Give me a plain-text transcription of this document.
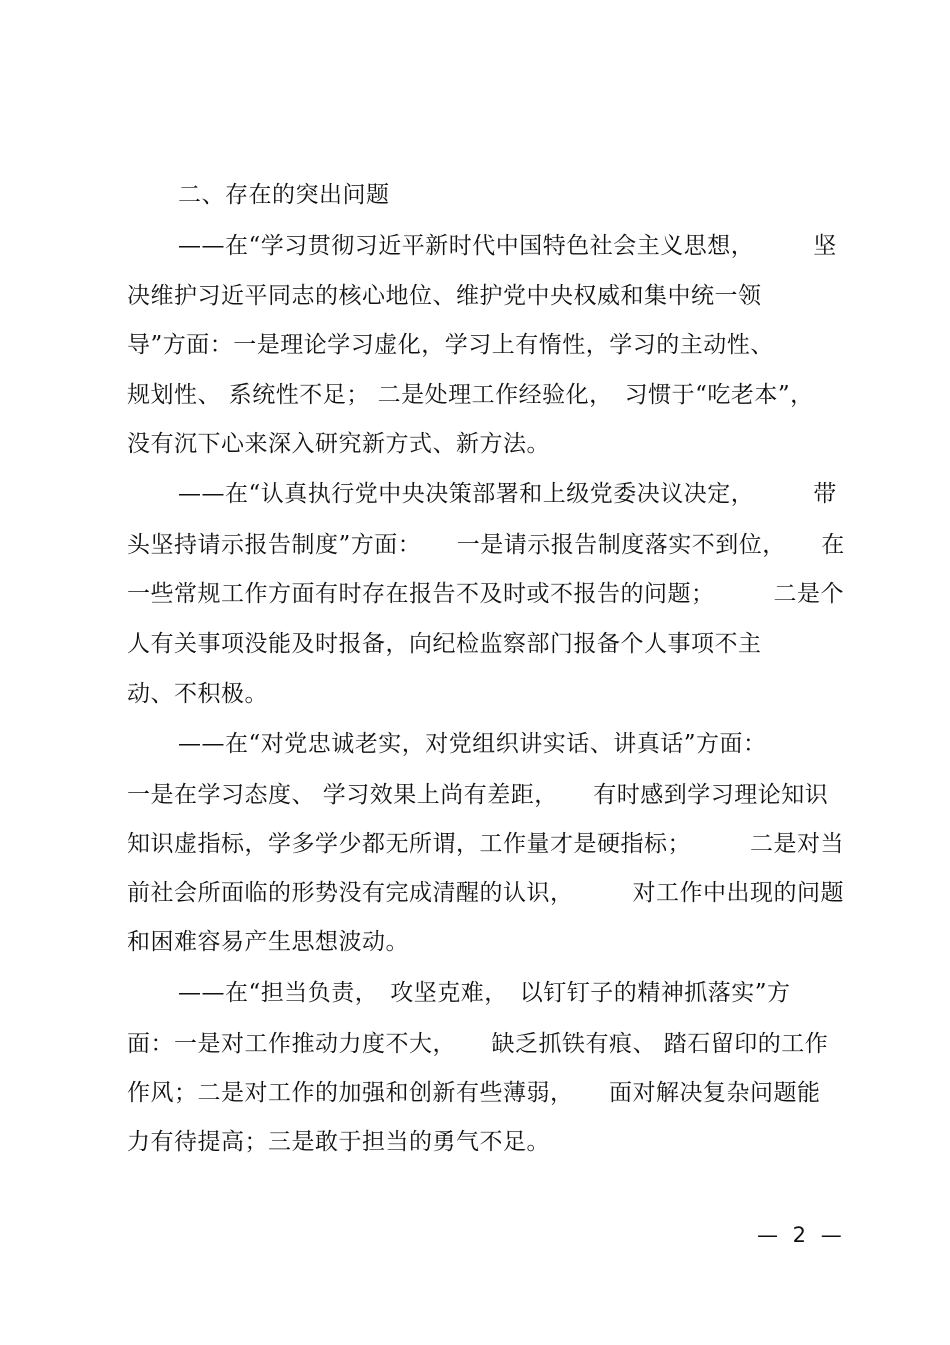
二、存在的突出问题
——在“学习贯彻习近平新时代中国特色社会主义思想，　　　坚
决维护习近平同志的核心地位、维护党中央权威和集中统一领
导”方面：一是理论学习虚化，学习上有惰性，学习的主动性、
规划性、 系统性不足； 二是处理工作经验化，　习惯于“吃老本”，
没有沉下心来深入研究新方式、新方法。
——在“认真执行党中央决策部署和上级党委决议决定，　　　带
头坚持请示报告制度”方面：　　一是请示报告制度落实不到位，　　在
一些常规工作方面有时存在报告不及时或不报告的问题；　　　二是个
人有关事项没能及时报备，向纪检监察部门报备个人事项不主
动、不积极。
——在“对党忠诚老实，对党组织讲实话、讲真话”方面：
一是在学习态度、 学习效果上尚有差距，　　有时感到学习理论知识
知识虚指标，学多学少都无所谓，工作量才是硬指标；　　　二是对当
前社会所面临的形势没有完成清醒的认识，　　　对工作中出现的问题
和困难容易产生思想波动。
——在“担当负责，　攻坚克难，　以钉钉子的精神抓落实”方
面：一是对工作推动力度不大，　　缺乏抓铁有痕、 踏石留印的工作
作风；二是对工作的加强和创新有些薄弱，　　面对解决复杂问题能
力有待提高；三是敢于担当的勇气不足。
— 2 —
